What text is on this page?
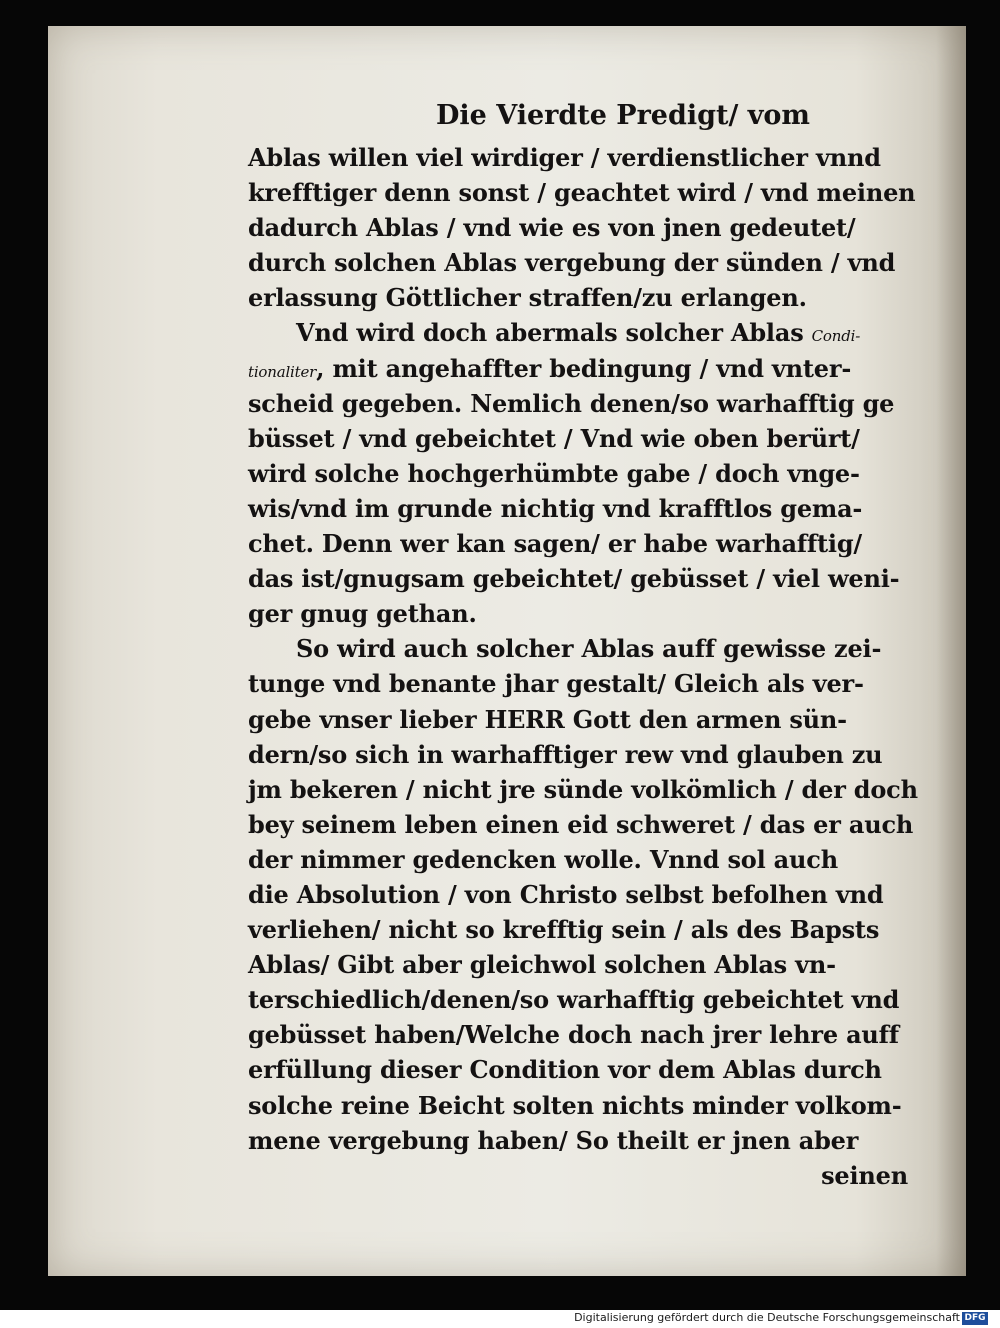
Die Vierdte Predigt/ vom
Ablas willen viel wirdiger / verdienstlicher vnnd
krefftiger denn sonst / geachtet wird / vnd meinen
dadurch Ablas / vnd wie es von jnen gedeutet/
durch solchen Ablas vergebung der sünden / vnd
erlassung Göttlicher straffen/zu erlangen.
Vnd wird doch abermals solcher Ablas Condi-
tionaliter, mit angehaffter bedingung / vnd vnter-
scheid gegeben. Nemlich denen/so warhafftig ge
büsset / vnd gebeichtet / Vnd wie oben berürt/
wird solche hochgerhümbte gabe / doch vnge-
wis/vnd im grunde nichtig vnd krafftlos gema-
chet. Denn wer kan sagen/ er habe warhafftig/
das ist/gnugsam gebeichtet/ gebüsset / viel weni-
ger gnug gethan.
So wird auch solcher Ablas auff gewisse zei-
tunge vnd benante jhar gestalt/ Gleich als ver-
gebe vnser lieber HERR Gott den armen sün-
dern/so sich in warhafftiger rew vnd glauben zu
jm bekeren / nicht jre sünde volkömlich / der doch
bey seinem leben einen eid schweret / das er auch
der nimmer gedencken wolle. Vnnd sol auch
die Absolution / von Christo selbst befolhen vnd
verliehen/ nicht so krefftig sein / als des Bapsts
Ablas/ Gibt aber gleichwol solchen Ablas vn-
terschiedlich/denen/so warhafftig gebeichtet vnd
gebüsset haben/Welche doch nach jrer lehre auff
erfüllung dieser Condition vor dem Ablas durch
solche reine Beicht solten nichts minder volkom-
mene vergebung haben/ So theilt er jnen aber
seinen
Digitalisierung gefördert durch die Deutsche Forschungsgemeinschaft DFG
